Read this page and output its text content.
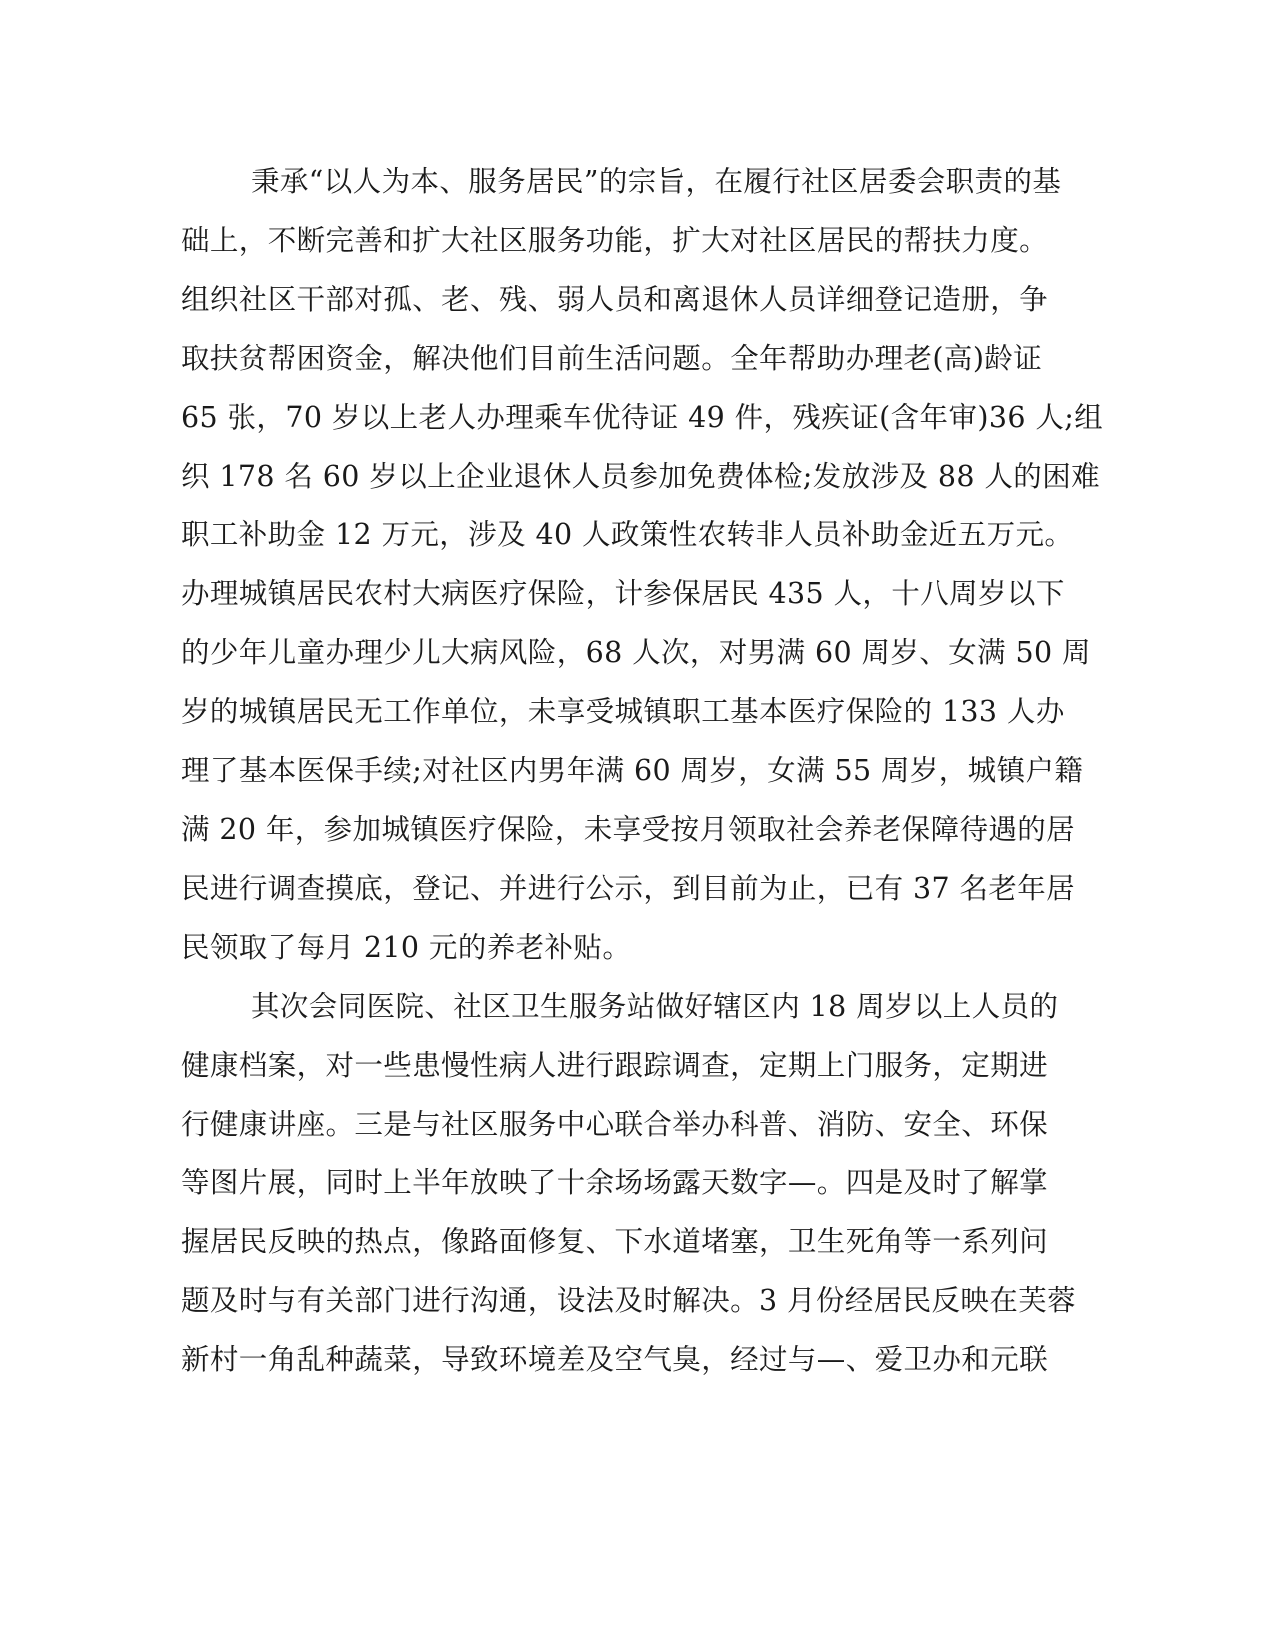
秉承“以人为本、服务居民”的宗旨，在履行社区居委会职责的基
础上，不断完善和扩大社区服务功能，扩大对社区居民的帮扶力度。
组织社区干部对孤、老、残、弱人员和离退休人员详细登记造册，争
取扶贫帮困资金，解决他们目前生活问题。全年帮助办理老(高)龄证
65 张，70 岁以上老人办理乘车优待证 49 件，残疾证(含年审)36 人;组
织 178 名 60 岁以上企业退休人员参加免费体检;发放涉及 88 人的困难
职工补助金 12 万元，涉及 40 人政策性农转非人员补助金近五万元。
办理城镇居民农村大病医疗保险，计参保居民 435 人，十八周岁以下
的少年儿童办理少儿大病风险，68 人次，对男满 60 周岁、女满 50 周
岁的城镇居民无工作单位，未享受城镇职工基本医疗保险的 133 人办
理了基本医保手续;对社区内男年满 60 周岁，女满 55 周岁，城镇户籍
满 20 年，参加城镇医疗保险，未享受按月领取社会养老保障待遇的居
民进行调查摸底，登记、并进行公示，到目前为止，已有 37 名老年居
民领取了每月 210 元的养老补贴。
其次会同医院、社区卫生服务站做好辖区内 18 周岁以上人员的
健康档案，对一些患慢性病人进行跟踪调查，定期上门服务，定期进
行健康讲座。三是与社区服务中心联合举办科普、消防、安全、环保
等图片展，同时上半年放映了十余场场露天数字—。四是及时了解掌
握居民反映的热点，像路面修复、下水道堵塞，卫生死角等一系列问
题及时与有关部门进行沟通，设法及时解决。3 月份经居民反映在芙蓉
新村一角乱种蔬菜，导致环境差及空气臭，经过与—、爱卫办和元联
